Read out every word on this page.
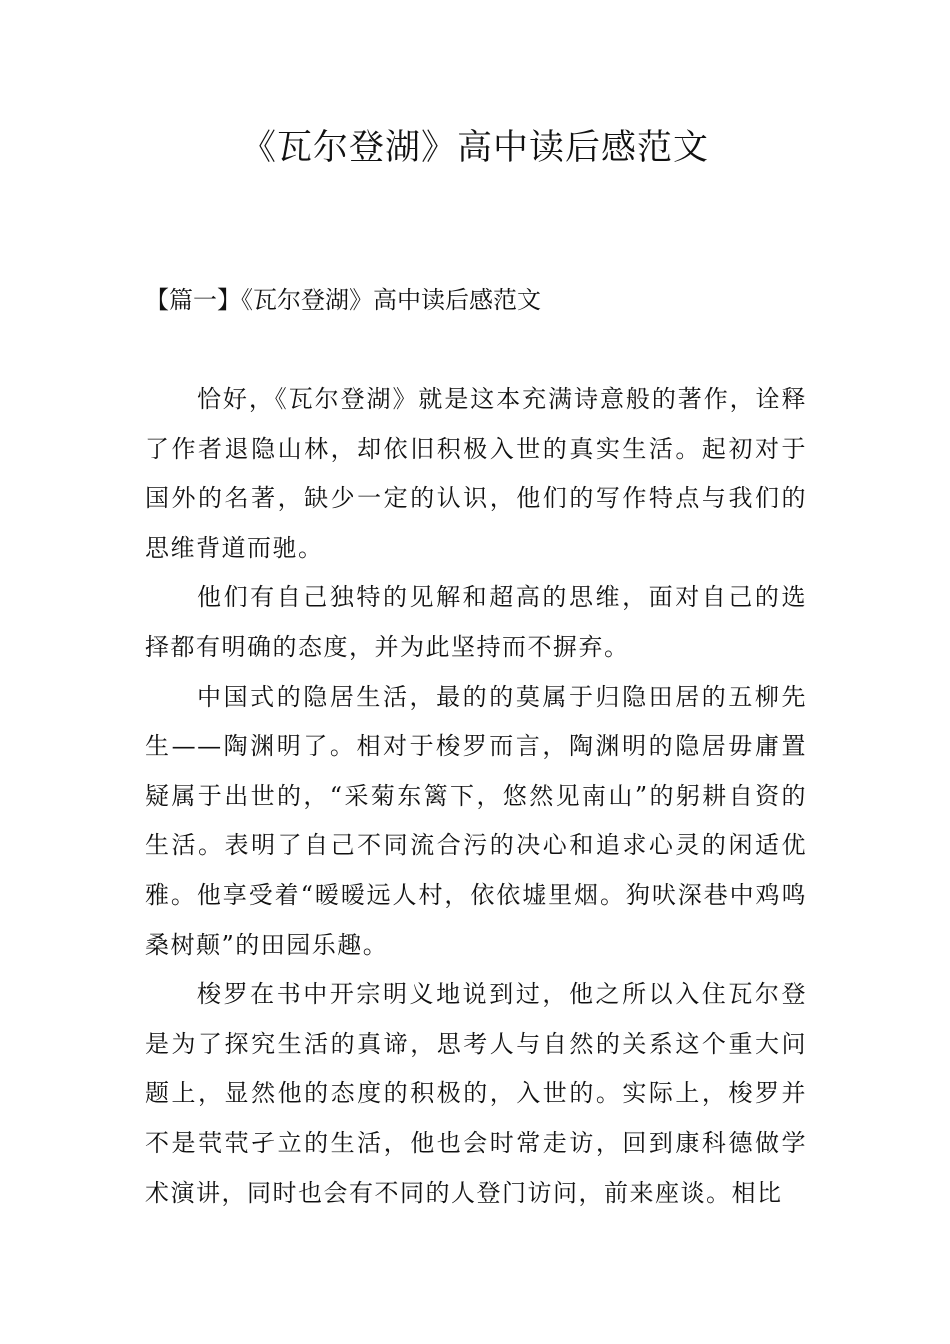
《瓦尔登湖》高中读后感范文
【篇一】《瓦尔登湖》高中读后感范文

恰好，《瓦尔登湖》就是这本充满诗意般的著作，诠释了作者退隐山林，却依旧积极入世的真实生活。起初对于国外的名著，缺少一定的认识，他们的写作特点与我们的思维背道而驰。

他们有自己独特的见解和超高的思维，面对自己的选择都有明确的态度，并为此坚持而不摒弃。

中国式的隐居生活，最的的莫属于归隐田居的五柳先生——陶渊明了。相对于梭罗而言，陶渊明的隐居毋庸置疑属于出世的，“采菊东篱下，悠然见南山”的躬耕自资的生活。表明了自己不同流合污的决心和追求心灵的闲适优雅。他享受着“暧暧远人村，依依墟里烟。狗吠深巷中鸡鸣桑树颠”的田园乐趣。

梭罗在书中开宗明义地说到过，他之所以入住瓦尔登是为了探究生活的真谛，思考人与自然的关系这个重大问题上，显然他的态度的积极的，入世的。实际上，梭罗并不是茕茕孑立的生活，他也会时常走访，回到康科德做学术演讲，同时也会有不同的人登门访问，前来座谈。相比
